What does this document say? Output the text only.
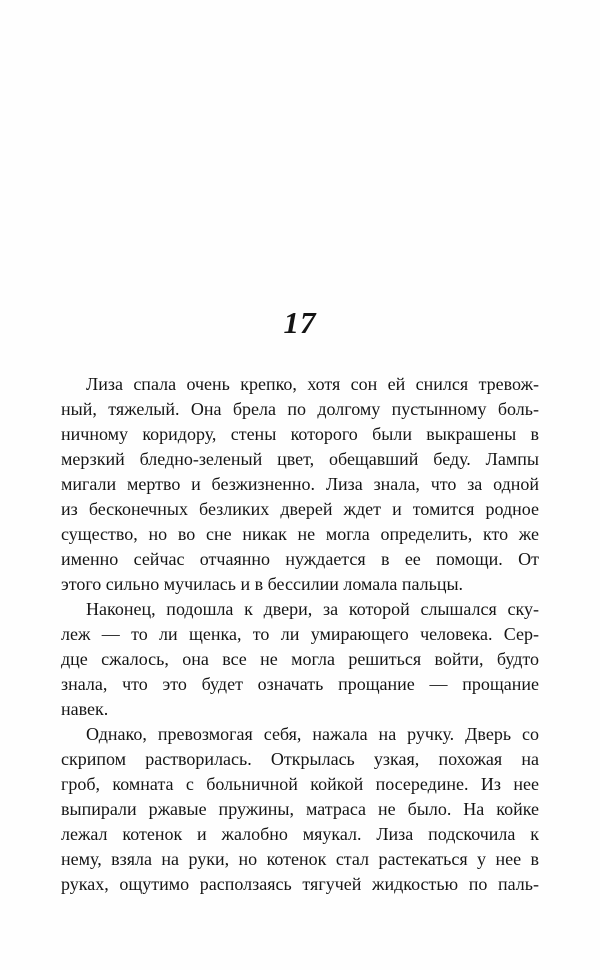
17
Лиза спала очень крепко, хотя сон ей снился тревож-
ный, тяжелый. Она брела по долгому пустынному боль-
ничному коридору, стены которого были выкрашены в
мерзкий бледно-зеленый цвет, обещавший беду. Лампы
мигали мертво и безжизненно. Лиза знала, что за одной
из бесконечных безликих дверей ждет и томится родное
существо, но во сне никак не могла определить, кто же
именно сейчас отчаянно нуждается в ее помощи. От
этого сильно мучилась и в бессилии ломала пальцы.
Наконец, подошла к двери, за которой слышался ску-
леж — то ли щенка, то ли умирающего человека. Сер-
дце сжалось, она все не могла решиться войти, будто
знала, что это будет означать прощание — прощание
навек.
Однако, превозмогая себя, нажала на ручку. Дверь со
скрипом растворилась. Открылась узкая, похожая на
гроб, комната с больничной койкой посередине. Из нее
выпирали ржавые пружины, матраса не было. На койке
лежал котенок и жалобно мяукал. Лиза подскочила к
нему, взяла на руки, но котенок стал растекаться у нее в
руках, ощутимо расползаясь тягучей жидкостью по паль-
